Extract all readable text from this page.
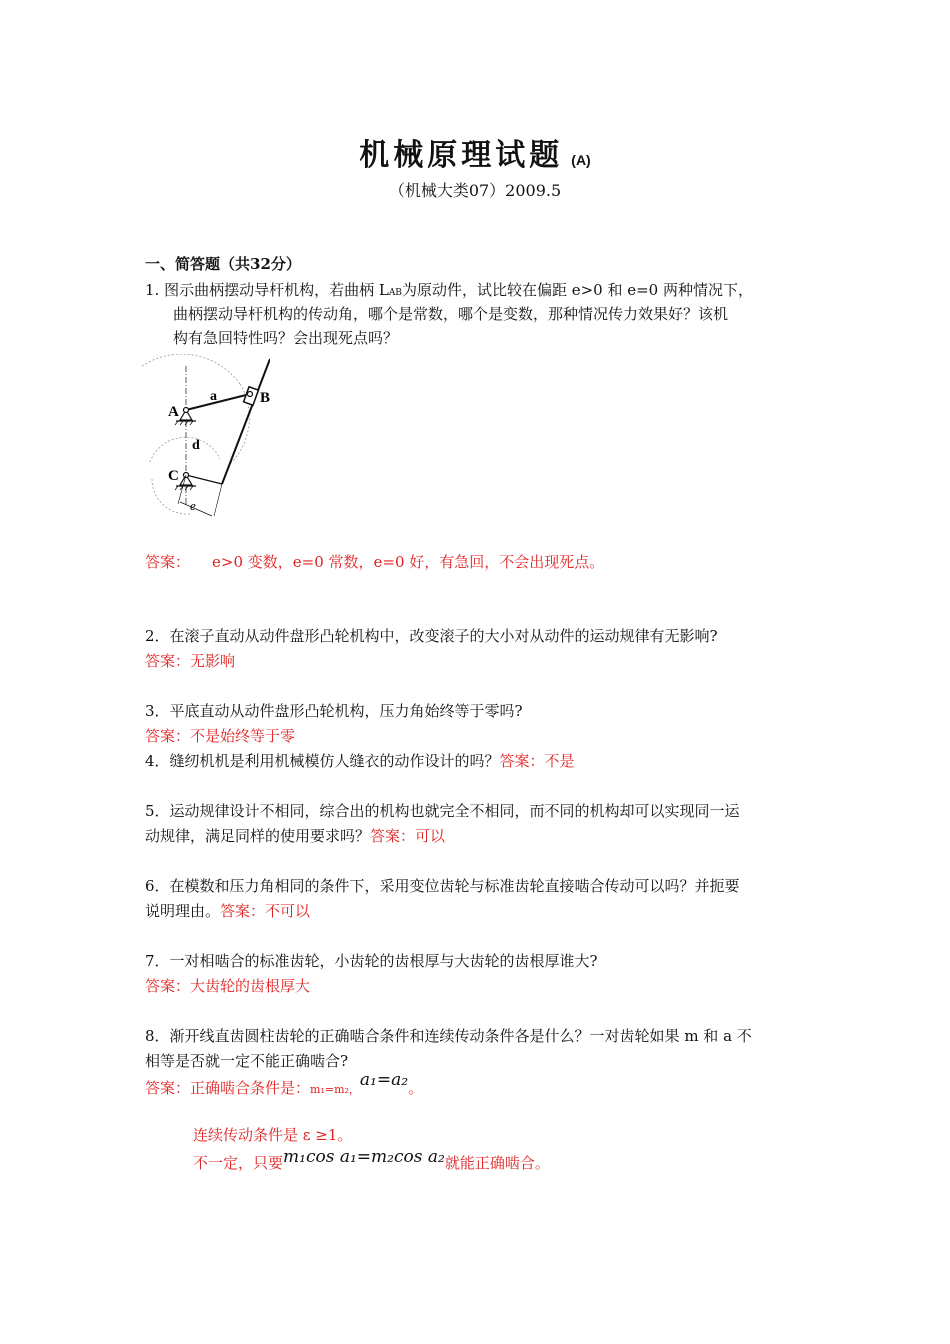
机械原理试题 (A)
（机械大类07）2009.5
一、简答题（共32分）
1. 图示曲柄摆动导杆机构，若曲柄 LAB为原动件，试比较在偏距 e>0 和 e=0 两种情况下，
曲柄摆动导杆机构的传动角，哪个是常数，哪个是变数，那种情况传力效果好？该机
构有急回特性吗？会出现死点吗？
A
B
C
a
d
e
答案： e>0 变数，e=0 常数，e=0 好，有急回，不会出现死点。
2．在滚子直动从动件盘形凸轮机构中，改变滚子的大小对从动件的运动规律有无影响?
答案：无影响
3．平底直动从动件盘形凸轮机构，压力角始终等于零吗?
答案：不是始终等于零
4．缝纫机机是利用机械模仿人缝衣的动作设计的吗？答案：不是
5．运动规律设计不相同，综合出的机构也就完全不相同，而不同的机构却可以实现同一运
动规律，满足同样的使用要求吗？答案：可以
6．在模数和压力角相同的条件下，采用变位齿轮与标准齿轮直接啮合传动可以吗？并扼要
说明理由。答案：不可以
7．一对相啮合的标准齿轮，小齿轮的齿根厚与大齿轮的齿根厚谁大?
答案：大齿轮的齿根厚大
8．渐开线直齿圆柱齿轮的正确啮合条件和连续传动条件各是什么？一对齿轮如果 m 和 a 不
相等是否就一定不能正确啮合?
答案：正确啮合条件是：m₁=m₂，a₁=a₂。
连续传动条件是 ε ≥1。
不一定，只要m₁cos a₁=m₂cos a₂就能正确啮合。
